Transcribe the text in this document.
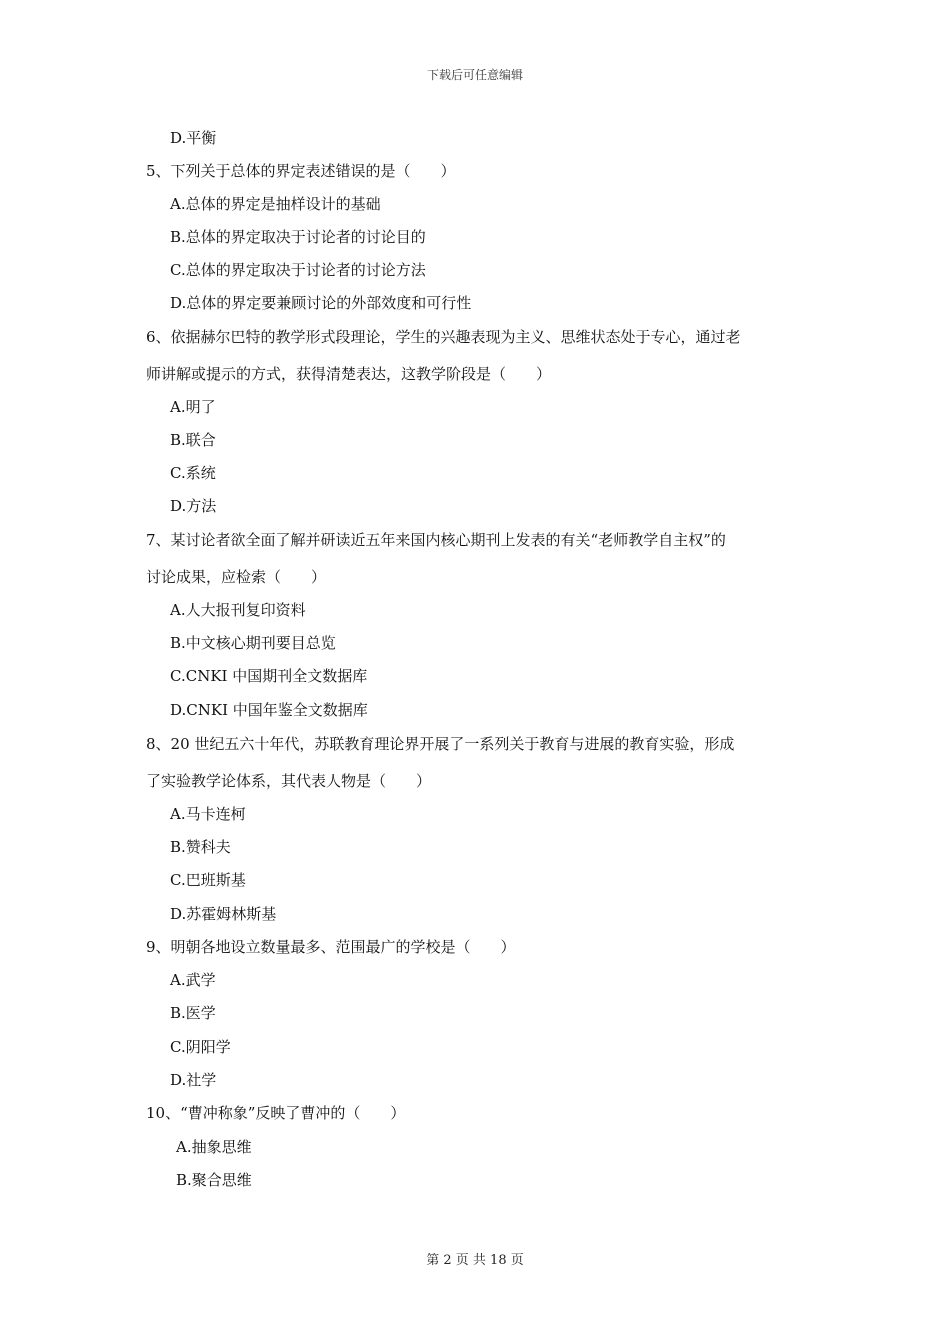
下载后可任意编辑
D.平衡
5、下列关于总体的界定表述错误的是（　　）
A.总体的界定是抽样设计的基础
B.总体的界定取决于讨论者的讨论目的
C.总体的界定取决于讨论者的讨论方法
D.总体的界定要兼顾讨论的外部效度和可行性
6、依据赫尔巴特的教学形式段理论，学生的兴趣表现为主义、思维状态处于专心，通过老
师讲解或提示的方式，获得清楚表达，这教学阶段是（　　）
A.明了
B.联合
C.系统
D.方法
7、某讨论者欲全面了解并研读近五年来国内核心期刊上发表的有关“老师教学自主权”的
讨论成果，应检索（　　）
A.人大报刊复印资料
B.中文核心期刊要目总览
C.CNKI 中国期刊全文数据库
D.CNKI 中国年鉴全文数据库
8、20 世纪五六十年代，苏联教育理论界开展了一系列关于教育与进展的教育实验，形成
了实验教学论体系，其代表人物是（　　）
A.马卡连柯
B.赞科夫
C.巴班斯基
D.苏霍姆林斯基
9、明朝各地设立数量最多、范围最广的学校是（　　）
A.武学
B.医学
C.阴阳学
D.社学
10、“曹冲称象”反映了曹冲的（　　）
A.抽象思维
B.聚合思维
第 2 页 共 18 页
